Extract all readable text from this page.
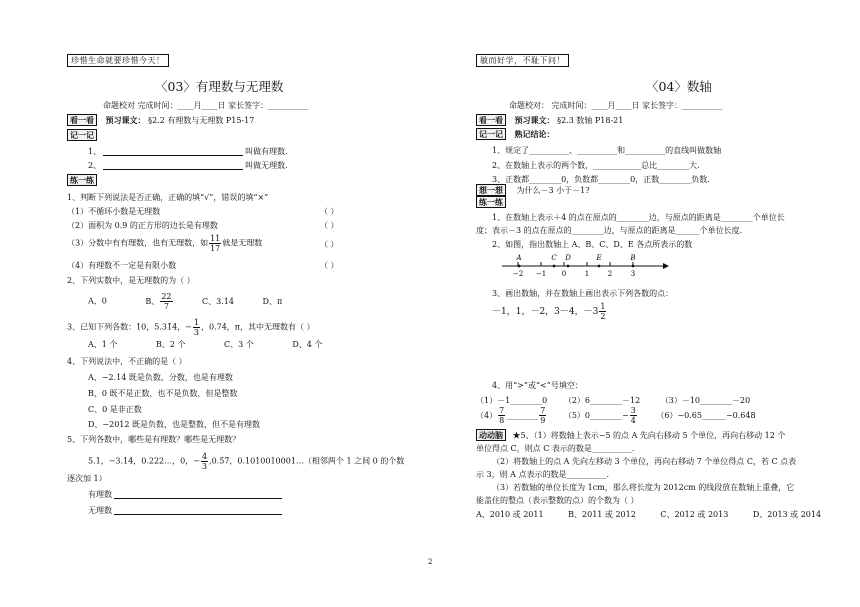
珍惜生命就要珍惜今天！
〈03〉有理数与无理数
命题校对 完成时间：____月____日 家长签字：__________
看一看 预习课文： §2.2 有理数与无理数 P15-17
记一记
1、	叫做有理数.
2、	叫做无理数.
练一练
1、判断下列说法是否正确，正确的填“√”，错误的填“×”
（1）不循环小数是无理数	（ ）
（2）面积为 0.9 的正方形的边长是有理数	（ ）
（3）分数中有有理数，也有无理数，如 $\frac{11}{17}$ 就是无理数	（ ）
（4）有理数不一定是有限小数	（ ）
2、下列实数中，是无理数的为（ ）
A、0	B、 $\frac{22}{7}$	C、3.14	D、π
3、已知下列各数：10，5.31̇4̇，− $\frac{1}{3}$ ，0.74，π，其中无理数有（ ）
A、1 个	B、2 个	C、3 个	D、4 个
4、下列说法中，不正确的是（ ）
A、−2.14 既是负数、分数，也是有理数
B、0 既不是正数，也不是负数，但是整数
C、0 是非正数
D、−2012 既是负数，也是整数，但不是有理数
5、下列各数中，哪些是有理数？哪些是无理数？
5.1，−3.14，0.222…，0，− $\frac{4}{3}$ ,0.5̇7̇，0.1010010001…（相邻两个 1 之间 0 的个数
逐次加 1）
有理数
无理数
敏而好学，不耻下问！
〈04〉数轴
命题校对： 完成时间：____月____日 家长签字：__________
看一看 预习课文： §2.3 数轴 P18-21
记一记 熟记结论：
1、规定了__________、__________和__________的直线叫做数轴
2、在数轴上表示的两个数，____________总比________大.
3、正数都________0，负数都________0，正数________负数.
想一想 为什么－3 小于－1?
练一练
1、在数轴上表示＋4 的点在原点的________边，与原点的距离是________个单位长
度；表示－3 的点在原点的________边，与原点的距离是______个单位长度.
2、如图，指出数轴上 A、B、C、D、E 各点所表示的数
−2 −1 0	1	2	3
A	C D	E	B
3、画出数轴，并在数轴上画出表示下列各数的点：
－1，1，－2，3－4，$-3 \frac{1}{2}$
4、用“>”或“<”号填空：
（1）－1________0 （2）6________－12	（3）－10________－20
$(4) \frac{7}{8}$ ________ $\frac{7}{9}$ （5）0________− $\frac{3}{4}$ （6）−0.65______−0.648
动动脑 ★5、（1）将数轴上表示−5 的点 A 先向右移动 5 个单位，再向右移动 12 个
单位得点 C，则点 C 表示的数是__________.
（2）将数轴上的点 A 先向左移动 3 个单位，再向右移动 7 个单位得点 C，若 C 点表
示 3，则 A 点表示的数是__________.
（3）若数轴的单位长度为 1cm，那么将长度为 2012cm 的线段放在数轴上重叠，它
能盖住的整点（表示整数的点）的个数为（ ）
A、2010 或 2011	B、2011 或 2012	C、2012 或 2013	D、2013 或 2014
2
